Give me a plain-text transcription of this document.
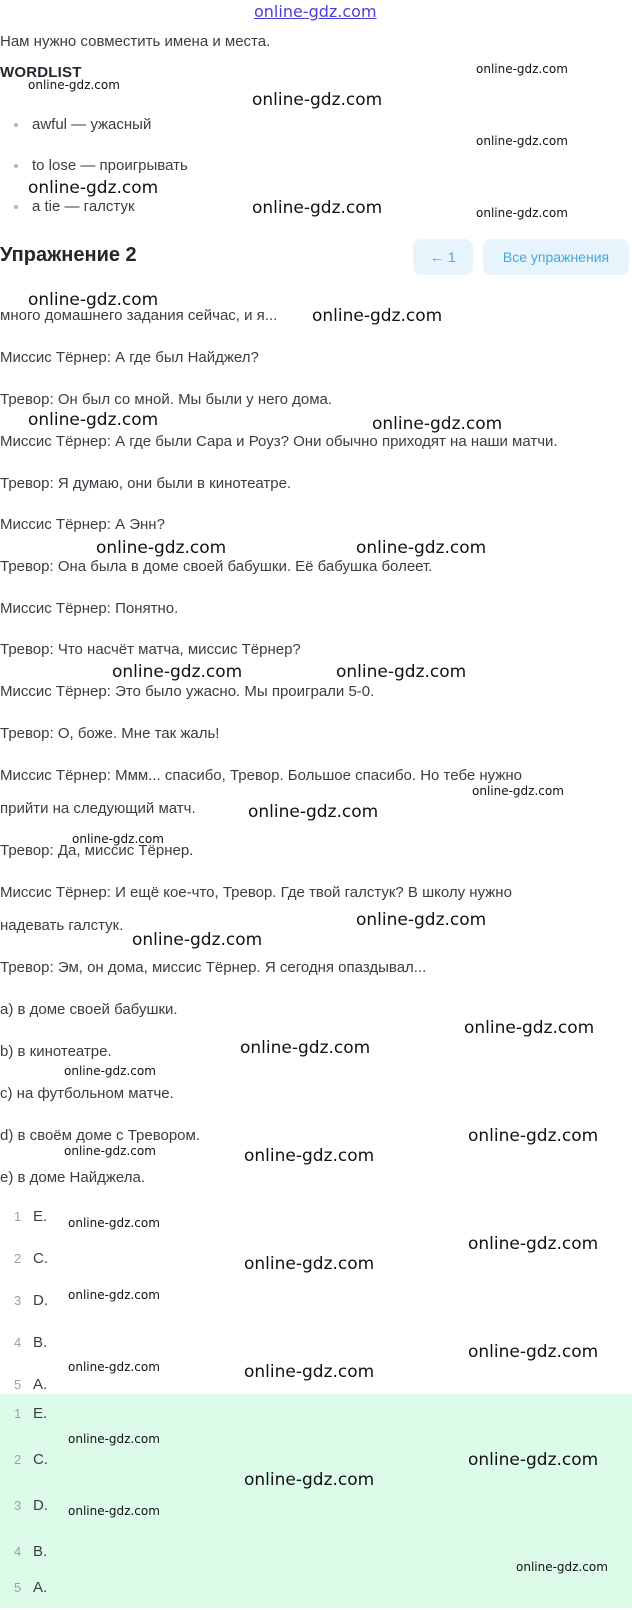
online-gdz.com

Нам нужно совместить имена и места.

WORDLIST
awful — ужасный
to lose — проигрывать
a tie — галстук
Упражнение 2	← 1	Все упражнения

много домашнего задания сейчас, и я...

Миссис Тёрнер: А где был Найджел?

Тревор: Он был со мной. Мы были у него дома.

Миссис Тёрнер: А где были Сара и Роуз? Они обычно приходят на наши матчи.

Тревор: Я думаю, они были в кинотеатре.

Миссис Тёрнер: А Энн?

Тревор: Она была в доме своей бабушки. Её бабушка болеет.

Миссис Тёрнер: Понятно.

Тревор: Что насчёт матча, миссис Тёрнер?

Миссис Тёрнер: Это было ужасно. Мы проиграли 5-0.

Тревор: О, боже. Мне так жаль!

Миссис Тёрнер: Ммм... спасибо, Тревор. Большое спасибо. Но тебе нужно

прийти на следующий матч.

Тревор: Да, миссис Тёрнер.

Миссис Тёрнер: И ещё кое-что, Тревор. Где твой галстук? В школу нужно

надевать галстук.

Тревор: Эм, он дома, миссис Тёрнер. Я сегодня опаздывал...

a) в доме своей бабушки.

b) в кинотеатре.

c) на футбольном матче.

d) в своём доме с Тревором.

e) в доме Найджела.

1 E.
2 C.
3 D.
4 B.
5 A.
1 E.
2 C.
3 D.
4 B.
5 A.
online-gdz.com
online-gdz.com
online-gdz.com
online-gdz.com
online-gdz.com
online-gdz.com	online-gdz.com
online-gdz.com
online-gdz.com
online-gdz.com	online-gdz.com
online-gdz.com	online-gdz.com
online-gdz.com	online-gdz.com
online-gdz.com
online-gdz.com
online-gdz.com
online-gdz.com
online-gdz.com
online-gdz.com
online-gdz.com
online-gdz.com
online-gdz.com
online-gdz.com
online-gdz.com
online-gdz.com
online-gdz.com
online-gdz.com
online-gdz.com
online-gdz.com
online-gdz.com	online-gdz.com
online-gdz.com
online-gdz.com
online-gdz.com
online-gdz.com
online-gdz.com
